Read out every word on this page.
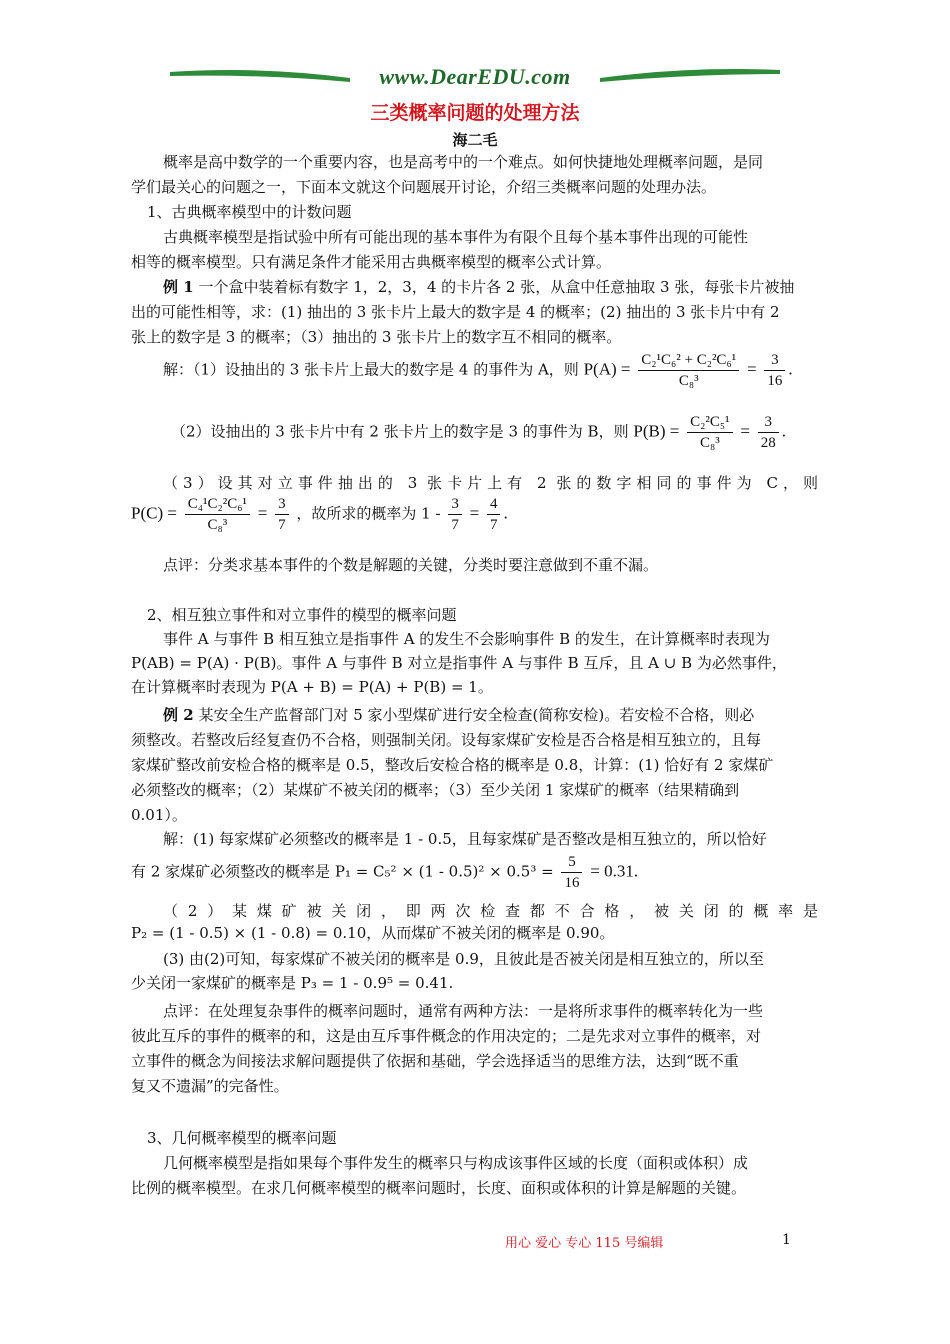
www.DearEDU.com
三类概率问题的处理方法
海二毛
概率是高中数学的一个重要内容，也是高考中的一个难点。如何快捷地处理概率问题，是同
学们最关心的问题之一，下面本文就这个问题展开讨论，介绍三类概率问题的处理办法。
1、古典概率模型中的计数问题
古典概率模型是指试验中所有可能出现的基本事件为有限个且每个基本事件出现的可能性
相等的概率模型。只有满足条件才能采用古典概率模型的概率公式计算。
例 1 一个盒中装着标有数字 1，2，3，4 的卡片各 2 张，从盒中任意抽取 3 张，每张卡片被抽
出的可能性相等，求：(1) 抽出的 3 张卡片上最大的数字是 4 的概率；(2) 抽出的 3 张卡片中有 2
张上的数字是 3 的概率；（3）抽出的 3 张卡片上的数字互不相同的概率。
解：（1）设抽出的 3 张卡片上最大的数字是 4 的事件为 A，则 $P(A) = \frac{\text{C₂¹C₆² + C₂²C₆¹}}{\text{C₈³}} = \frac{3}{16}$ .
（2）设抽出的 3 张卡片中有 2 张卡片上的数字是 3 的事件为 B，则 $P(B) = \frac{\text{C₂²C₅¹}}{\text{C₈³}} = \frac{3}{28}$ .
（3）设其对立事件抽出的 3 张卡片上有 2 张的数字相同的事件为 C，则
$P(C) = \frac{\text{C₄¹C₂²C₆¹}}{\text{C₈³}} = \frac{3}{7}$ ，故所求的概率为 $1 - \frac{3}{7} = \frac{4}{7}$ .
点评：分类求基本事件的个数是解题的关键，分类时要注意做到不重不漏。
2、相互独立事件和对立事件的模型的概率问题
事件 A 与事件 B 相互独立是指事件 A 的发生不会影响事件 B 的发生，在计算概率时表现为
P(AB) = P(A) · P(B)。事件 A 与事件 B 对立是指事件 A 与事件 B 互斥，且 A ∪ B 为必然事件，
在计算概率时表现为 P(A + B) = P(A) + P(B) = 1。
例 2 某安全生产监督部门对 5 家小型煤矿进行安全检查(简称安检)。若安检不合格，则必
须整改。若整改后经复查仍不合格，则强制关闭。设每家煤矿安检是否合格是相互独立的，且每
家煤矿整改前安检合格的概率是 0.5，整改后安检合格的概率是 0.8，计算：(1) 恰好有 2 家煤矿
必须整改的概率；（2）某煤矿不被关闭的概率；（3）至少关闭 1 家煤矿的概率（结果精确到
0.01）。
解：(1) 每家煤矿必须整改的概率是 1 - 0.5，且每家煤矿是否整改是相互独立的，所以恰好
有 2 家煤矿必须整改的概率是 $P_1 = C_5^2 \times (1 - 0.5)^2 \times 0.5^3 = \frac{5}{16} = 0.31$.
（2）某煤矿被关闭，即两次检查都不合格，被关闭的概率是
P₂ = (1 - 0.5) × (1 - 0.8) = 0.10，从而煤矿不被关闭的概率是 0.90。
(3) 由(2)可知，每家煤矿不被关闭的概率是 0.9，且彼此是否被关闭是相互独立的，所以至
少关闭一家煤矿的概率是 P₃ = 1 - 0.9⁵ = 0.41.
点评：在处理复杂事件的概率问题时，通常有两种方法：一是将所求事件的概率转化为一些
彼此互斥的事件的概率的和，这是由互斥事件概念的作用决定的；二是先求对立事件的概率，对
立事件的概念为间接法求解问题提供了依据和基础，学会选择适当的思维方法，达到“既不重
复又不遗漏”的完备性。
3、几何概率模型的概率问题
几何概率模型是指如果每个事件发生的概率只与构成该事件区域的长度（面积或体积）成
比例的概率模型。在求几何概率模型的概率问题时，长度、面积或体积的计算是解题的关键。
用心 爱心 专心 115 号编辑	1
